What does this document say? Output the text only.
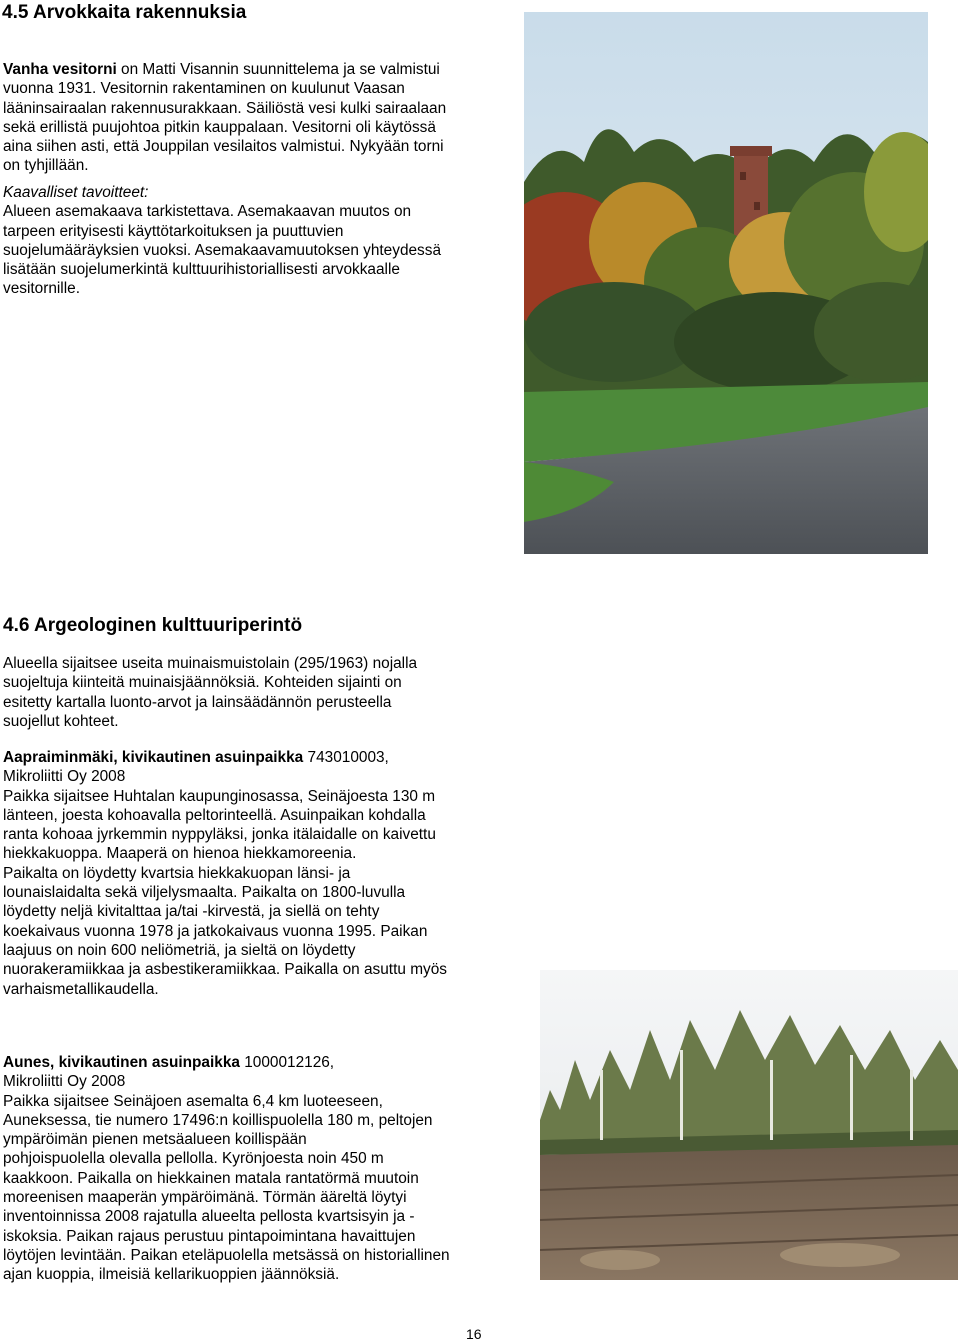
4.5 Arvokkaita rakennuksia
Vanha vesitorni on Matti Visannin suunnittelema ja se valmistui
vuonna 1931. Vesitornin rakentaminen on kuulunut Vaasan
lääninsairaalan rakennusurakkaan. Säiliöstä vesi kulki sairaalaan
sekä erillistä puujohtoa pitkin kauppalaan. Vesitorni oli käytössä
aina siihen asti, että Jouppilan vesilaitos valmistui. Nykyään torni
on tyhjillään.
Kaavalliset tavoitteet:
Alueen asemakaava tarkistettava. Asemakaavan muutos on
tarpeen erityisesti käyttötarkoituksen ja puuttuvien
suojelumääräyksien vuoksi. Asemakaavamuutoksen yhteydessä
lisätään suojelumerkintä kulttuurihistoriallisesti arvokkaalle
vesitornille.
4.6 Argeologinen kulttuuriperintö
Alueella sijaitsee useita muinaismuistolain (295/1963) nojalla
suojeltuja kiinteitä muinaisjäännöksiä. Kohteiden sijainti on
esitetty kartalla luonto-arvot ja lainsäädännön perusteella
suojellut kohteet.
Aapraiminmäki, kivikautinen asuinpaikka 743010003,
Mikroliitti Oy 2008
Paikka sijaitsee Huhtalan kaupunginosassa, Seinäjoesta 130 m
länteen, joesta kohoavalla peltorinteellä. Asuinpaikan kohdalla
ranta kohoaa jyrkemmin nyppyläksi, jonka itälaidalle on kaivettu
hiekkakuoppa. Maaperä on hienoa hiekkamoreenia.
Paikalta on löydetty kvartsia hiekkakuopan länsi- ja
lounaislaidalta sekä viljelysmaalta. Paikalta on 1800-luvulla
löydetty neljä kivitalttaa ja/tai -kirvestä, ja siellä on tehty
koekaivaus vuonna 1978 ja jatkokaivaus vuonna 1995. Paikan
laajuus on noin 600 neliömetriä, ja sieltä on löydetty
nuorakeramiikkaa ja asbestikeramiikkaa. Paikalla on asuttu myös
varhaismetallikaudella.
Aunes, kivikautinen asuinpaikka 1000012126,
Mikroliitti Oy 2008
Paikka sijaitsee Seinäjoen asemalta 6,4 km luoteeseen,
Auneksessa, tie numero 17496:n koillispuolella 180 m, peltojen
ympäröimän pienen metsäalueen koillispään
pohjoispuolella olevalla pellolla. Kyrönjoesta noin 450 m
kaakkoon. Paikalla on hiekkainen matala rantatörmä muutoin
moreenisen maaperän ympäröimänä. Törmän ääreltä löytyi
inventoinnissa 2008 rajatulla alueelta pellosta kvartsisyin ja -
iskoksia. Paikan rajaus perustuu pintapoimintana havaittujen
löytöjen levintään. Paikan eteläpuolella metsässä on historiallinen
ajan kuoppia, ilmeisiä kellarikuoppien jäännöksiä.
16
